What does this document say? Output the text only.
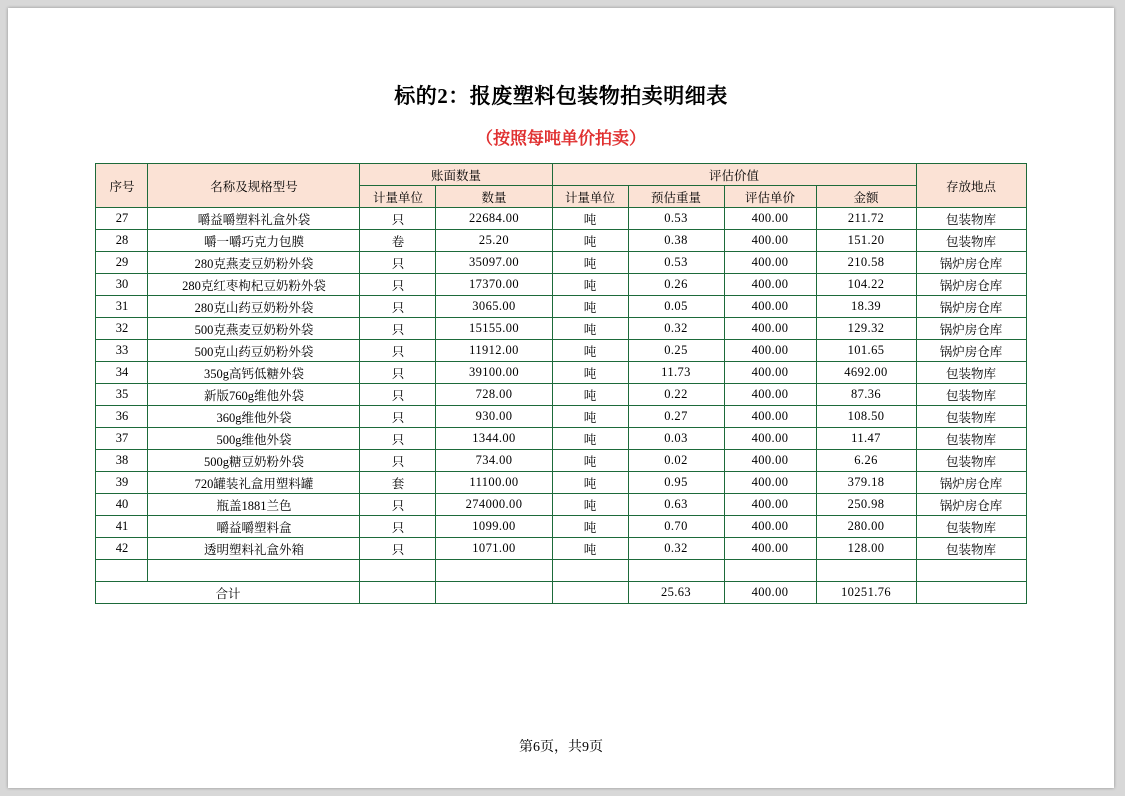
标的2：报废塑料包装物拍卖明细表
（按照每吨单价拍卖）
序号	名称及规格型号	账面数量		评估价值				存放地点
		计量单位	数量	计量单位	预估重量	评估单价	金额	
27	嚼益嚼塑料礼盒外袋	只	22684.00	吨	0.53	400.00	211.72	包装物库
28	嚼一嚼巧克力包膜	卷	25.20	吨	0.38	400.00	151.20	包装物库
29	280克燕麦豆奶粉外袋	只	35097.00	吨	0.53	400.00	210.58	锅炉房仓库
30	280克红枣枸杞豆奶粉外袋	只	17370.00	吨	0.26	400.00	104.22	锅炉房仓库
31	280克山药豆奶粉外袋	只	3065.00	吨	0.05	400.00	18.39	锅炉房仓库
32	500克燕麦豆奶粉外袋	只	15155.00	吨	0.32	400.00	129.32	锅炉房仓库
33	500克山药豆奶粉外袋	只	11912.00	吨	0.25	400.00	101.65	锅炉房仓库
34	350g高钙低糖外袋	只	39100.00	吨	11.73	400.00	4692.00	包装物库
35	新版760g维他外袋	只	728.00	吨	0.22	400.00	87.36	包装物库
36	360g维他外袋	只	930.00	吨	0.27	400.00	108.50	包装物库
37	500g维他外袋	只	1344.00	吨	0.03	400.00	11.47	包装物库
38	500g糖豆奶粉外袋	只	734.00	吨	0.02	400.00	6.26	包装物库
39	720罐装礼盒用塑料罐	套	11100.00	吨	0.95	400.00	379.18	锅炉房仓库
40	瓶盖1881兰色	只	274000.00	吨	0.63	400.00	250.98	锅炉房仓库
41	嚼益嚼塑料盒	只	1099.00	吨	0.70	400.00	280.00	包装物库
42	透明塑料礼盒外箱	只	1071.00	吨	0.32	400.00	128.00	包装物库

合计					25.63	400.00	10251.76	
第6页，共9页
